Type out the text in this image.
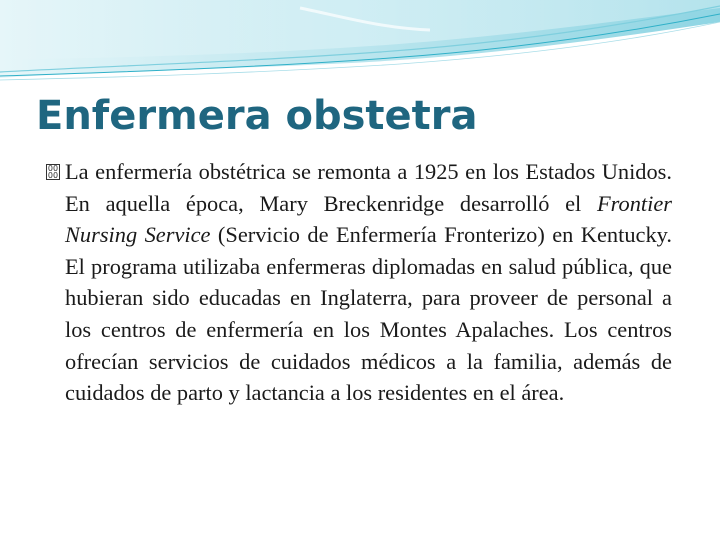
Enfermera obstetra
00
00 La enfermería obstétrica se remonta a 1925 en los Estados Unidos. En aquella época, Mary Breckenridge desarrolló el Frontier Nursing Service (Servicio de Enfermería Fronterizo) en Kentucky. El programa utilizaba enfermeras diplomadas en salud pública, que hubieran sido educadas en Inglaterra, para proveer de personal a los centros de enfermería en los Montes Apalaches. Los centros ofrecían servicios de cuidados médicos a la familia, además de cuidados de parto y lactancia a los residentes en el área.
